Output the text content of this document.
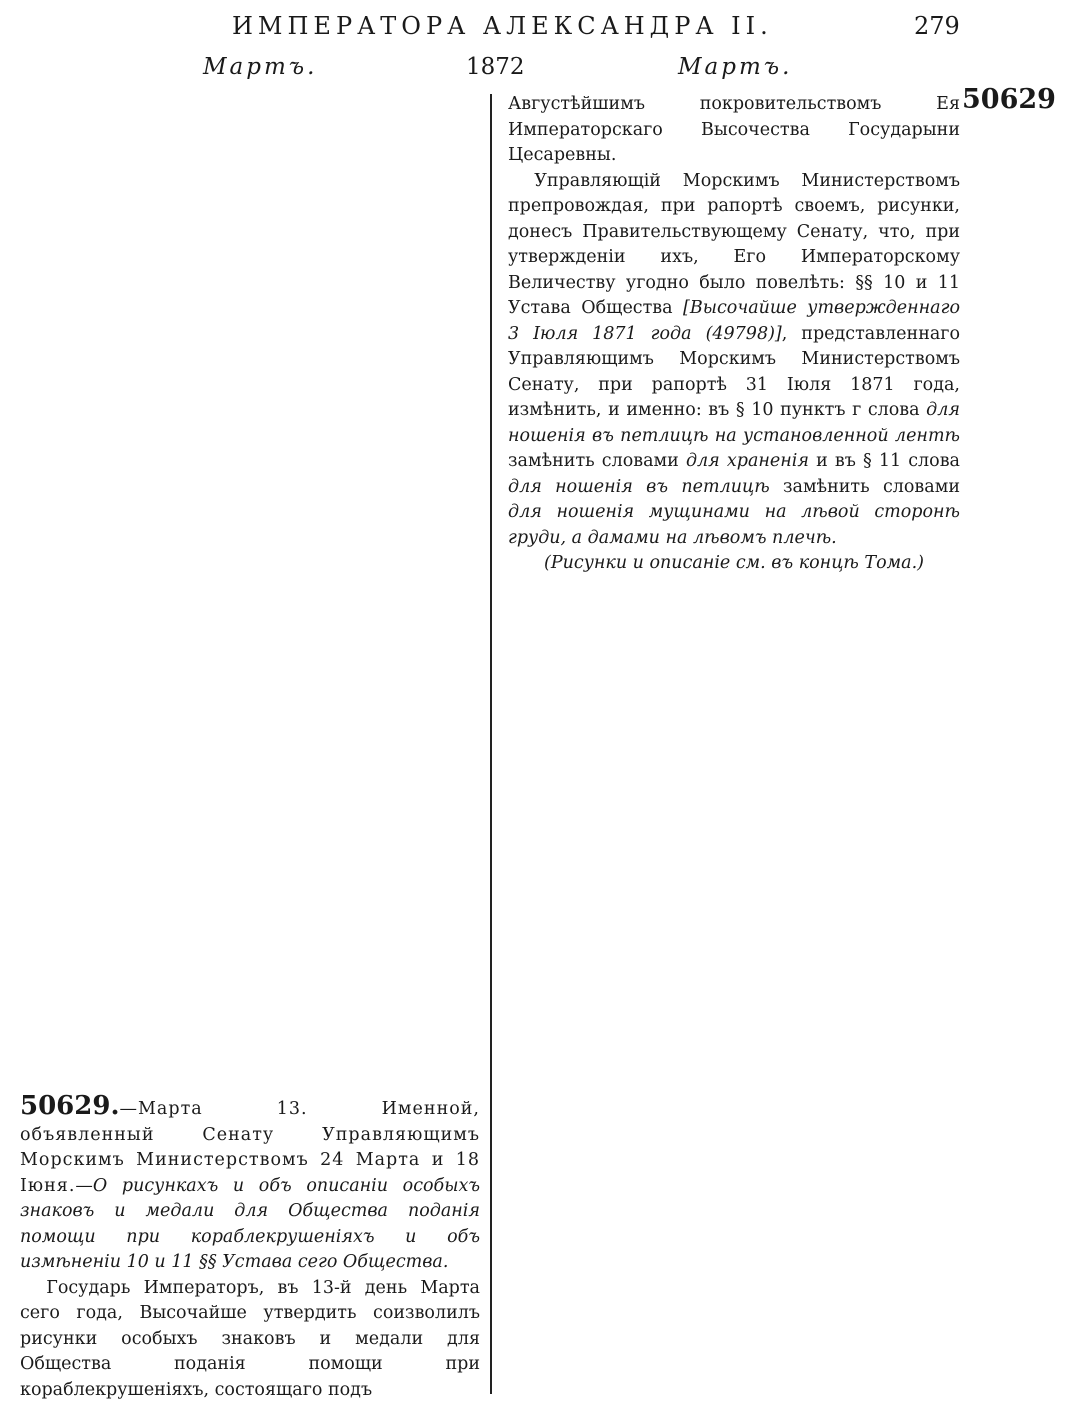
ИМПЕРАТОРА АЛЕКСАНДРА II.	279
Мартъ.	1872	Мартъ.
50629

Августѣйшимъ покровительствомъ Ея Императорскаго Высочества Государыни Цесаревны.

Управляющій Морскимъ Министерствомъ препровождая, при рапортѣ своемъ, рисунки, донесъ Правительствующему Сенату, что, при утвержденіи ихъ, Его Императорскому Величеству угодно было повелѣть: §§ 10 и 11 Устава Общества [Высочайше утвержденнаго 3 Іюля 1871 года (49798)], представленнаго Управляющимъ Морскимъ Министерствомъ Сенату, при рапортѣ 31 Іюля 1871 года, измѣнить, и именно: въ § 10 пунктъ г слова для ношенія въ петлицѣ на установленной лентѣ замѣнить словами для храненія и въ § 11 слова для ношенія въ петлицѣ замѣнить словами для ношенія мущинами на лѣвой сторонѣ груди, а дамами на лѣвомъ плечѣ.

(Рисунки и описаніе см. въ концѣ Тома.)

50629.—Марта 13. Именной, объявленный Сенату Управляющимъ Морскимъ Министерствомъ 24 Марта и 18 Іюня.—О рисункахъ и объ описаніи особыхъ знаковъ и медали для Общества поданія помощи при кораблекрушеніяхъ и объ измѣненіи 10 и 11 §§ Устава сего Общества.

Государь Императоръ, въ 13-й день Марта сего года, Высочайше утвердить соизволилъ рисунки особыхъ знаковъ и медали для Общества поданія помощи при кораблекрушеніяхъ, состоящаго подъ
